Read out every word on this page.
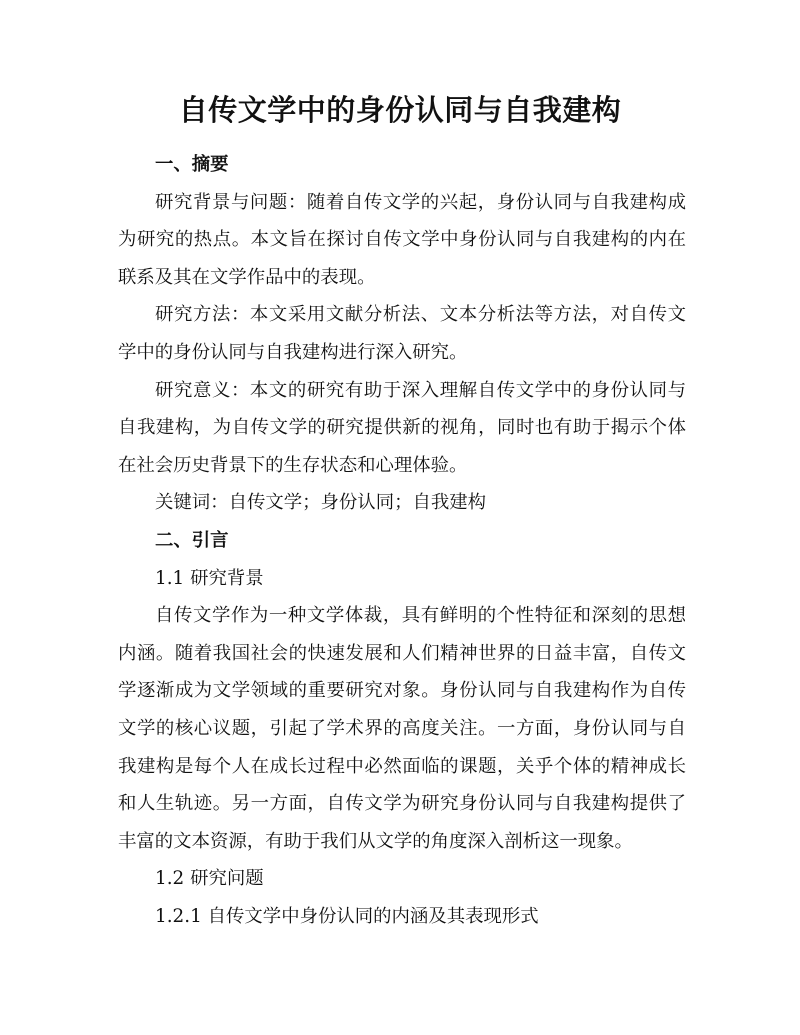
自传文学中的身份认同与自我建构

一、摘要

研究背景与问题：随着自传文学的兴起，身份认同与自我建构成为研究的热点。本文旨在探讨自传文学中身份认同与自我建构的内在联系及其在文学作品中的表现。

研究方法：本文采用文献分析法、文本分析法等方法，对自传文学中的身份认同与自我建构进行深入研究。

研究意义：本文的研究有助于深入理解自传文学中的身份认同与自我建构，为自传文学的研究提供新的视角，同时也有助于揭示个体在社会历史背景下的生存状态和心理体验。

关键词：自传文学；身份认同；自我建构

二、引言

1.1 研究背景

自传文学作为一种文学体裁，具有鲜明的个性特征和深刻的思想内涵。随着我国社会的快速发展和人们精神世界的日益丰富，自传文学逐渐成为文学领域的重要研究对象。身份认同与自我建构作为自传文学的核心议题，引起了学术界的高度关注。一方面，身份认同与自我建构是每个人在成长过程中必然面临的课题，关乎个体的精神成长和人生轨迹。另一方面，自传文学为研究身份认同与自我建构提供了丰富的文本资源，有助于我们从文学的角度深入剖析这一现象。

1.2 研究问题

1.2.1 自传文学中身份认同的内涵及其表现形式
